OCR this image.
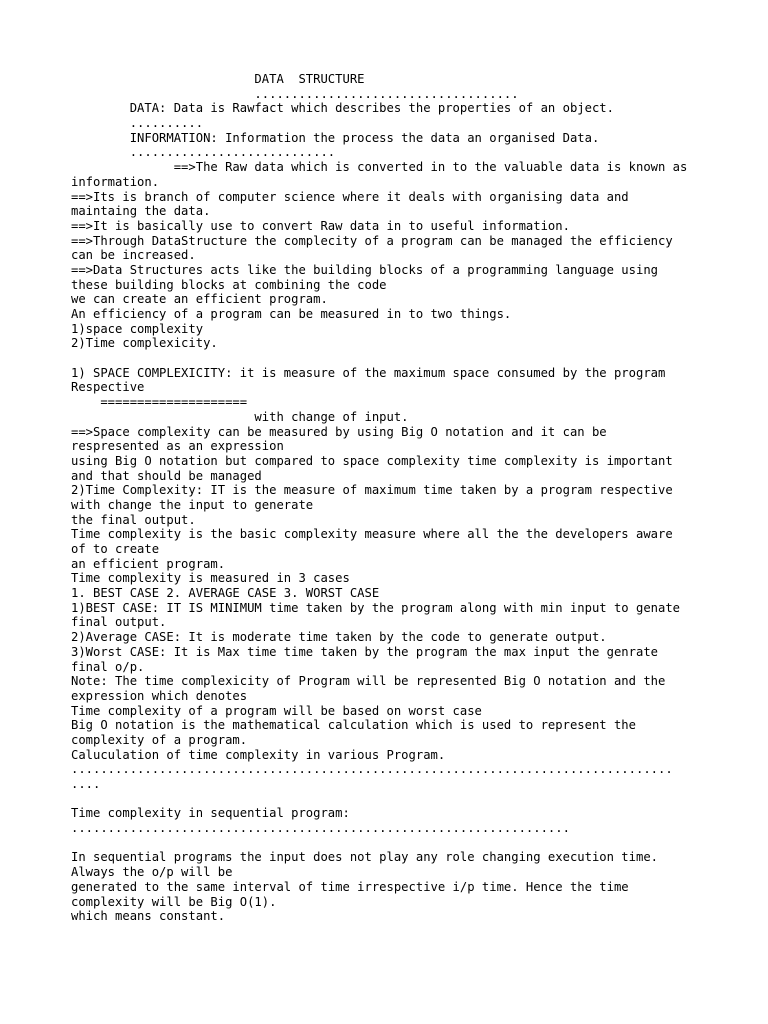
DATA  STRUCTURE
....................................
DATA: Data is Rawfact which describes the properties of an object.
..........
INFORMATION: Information the process the data an organised Data.
............................
==>The Raw data which is converted in to the valuable data is known as
information.
==>Its is branch of computer science where it deals with organising data and
maintaing the data.
==>It is basically use to convert Raw data in to useful information.
==>Through DataStructure the complecity of a program can be managed the efficiency
can be increased.
==>Data Structures acts like the building blocks of a programming language using
these building blocks at combining the code
we can create an efficient program.
An efficiency of a program can be measured in to two things.
1)space complexity
2)Time complexicity.
1) SPACE COMPLEXICITY: it is measure of the maximum space consumed by the program
Respective
====================
with change of input.
==>Space complexity can be measured by using Big O notation and it can be
respresented as an expression
using Big O notation but compared to space complexity time complexity is important
and that should be managed
2)Time Complexity: IT is the measure of maximum time taken by a program respective
with change the input to generate
the final output.
Time complexity is the basic complexity measure where all the the developers aware
of to create
an efficient program.
Time complexity is measured in 3 cases
1. BEST CASE 2. AVERAGE CASE 3. WORST CASE
1)BEST CASE: IT IS MINIMUM time taken by the program along with min input to genate
final output.
2)Average CASE: It is moderate time taken by the code to generate output.
3)Worst CASE: It is Max time time taken by the program the max input the genrate
final o/p.
Note: The time complexicity of Program will be represented Big O notation and the
expression which denotes
Time complexity of a program will be based on worst case
Big O notation is the mathematical calculation which is used to represent the
complexity of a program.
Caluculation of time complexity in various Program.
..................................................................................
....
Time complexity in sequential program:
....................................................................
In sequential programs the input does not play any role changing execution time.
Always the o/p will be
generated to the same interval of time irrespective i/p time. Hence the time
complexity will be Big O(1).
which means constant.
